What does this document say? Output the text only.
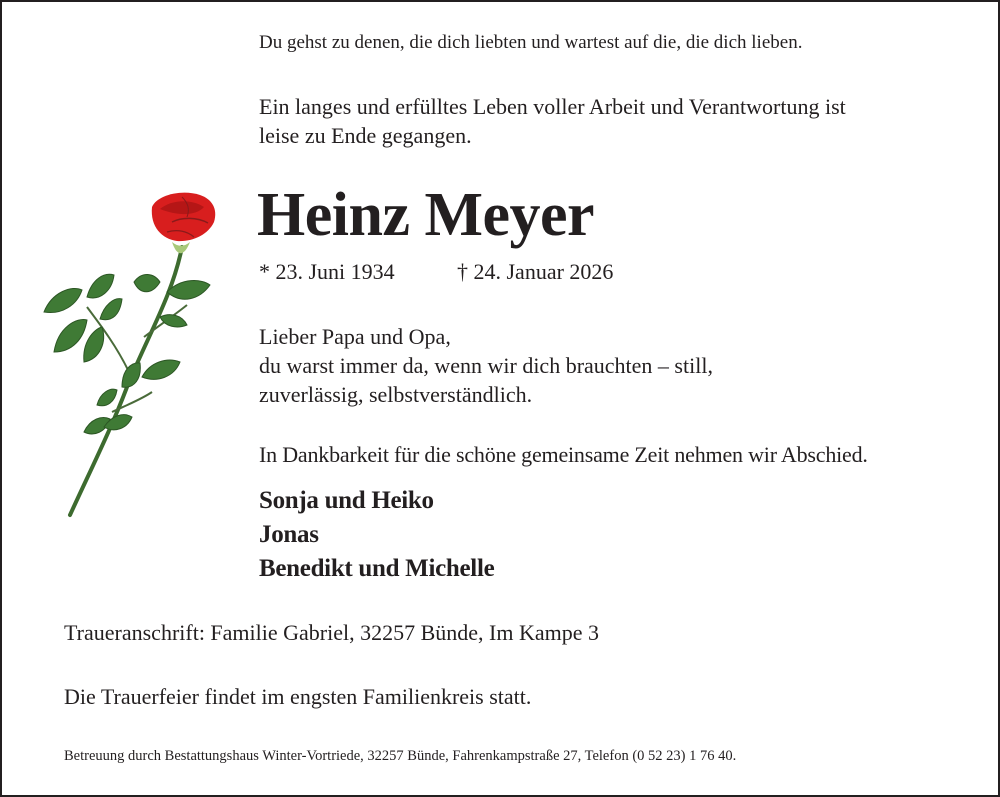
Du gehst zu denen, die dich liebten und wartest auf die, die dich lieben.
Ein langes und erfülltes Leben voller Arbeit und Verantwortung ist
leise zu Ende gegangen.
Heinz Meyer
* 23. Juni 1934	† 24. Januar 2026
Lieber Papa und Opa,
du warst immer da, wenn wir dich brauchten – still,
zuverlässig, selbstverständlich.
In Dankbarkeit für die schöne gemeinsame Zeit nehmen wir Abschied.
Sonja und Heiko
Jonas
Benedikt und Michelle
Traueranschrift: Familie Gabriel, 32257 Bünde, Im Kampe 3
Die Trauerfeier findet im engsten Familienkreis statt.
Betreuung durch Bestattungshaus Winter-Vortriede, 32257 Bünde, Fahrenkampstraße 27, Telefon (0 52 23) 1 76 40.
